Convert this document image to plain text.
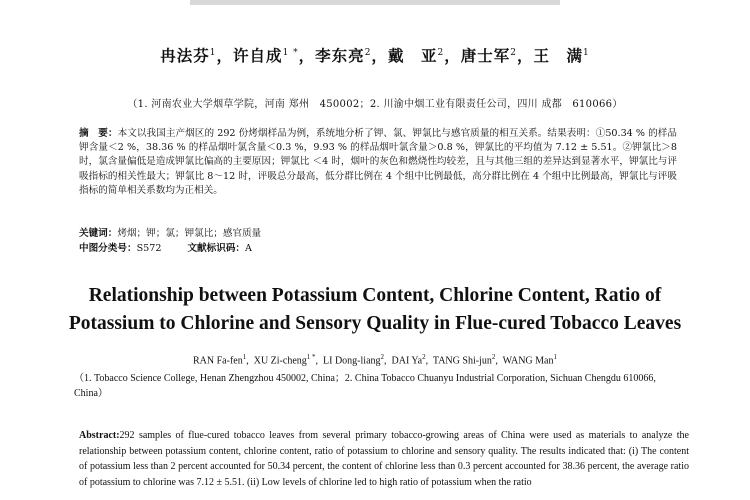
冉法芬$^1$，许自成$^{1 *}$，李东亮$^2$，戴　亚$^2$，唐士军$^2$，王　满$^1$
（1. 河南农业大学烟草学院，河南 郑州　450002；2. 川渝中烟工业有限责任公司，四川 成都　610066）
摘　要：本文以我国主产烟区的 292 份烤烟样品为例，系统地分析了钾、氯、钾氯比与感官质量的相互关系。结果表明：①50.34 % 的样品钾含量＜2 %，38.36 % 的样品烟叶氯含量＜0.3 %，9.93 % 的样品烟叶氯含量＞0.8 %，钾氯比的平均值为 7.12 ± 5.51。②钾氯比＞8 时，氯含量偏低是造成钾氯比偏高的主要原因；钾氯比 ＜4 时，烟叶的灰色和燃烧性均较差，且与其他三组的差异达到显著水平，钾氯比与评吸指标的相关性最大；钾氯比 8～12 时，评吸总分最高，低分群比例在 4 个组中比例最低，高分群比例在 4 个组中比例最高，钾氯比与评吸指标的简单相关系数均为正相关。
关键词：烤烟；钾；氯；钾氯比；感官质量
中图分类号：S572	文献标识码：A
Relationship between Potassium Content, Chlorine Content, Ratio of
Potassium to Chlorine and Sensory Quality in Flue-cured Tobacco Leaves
RAN Fa-fen$^1$,  XU Zi-cheng$^{1 *}$,  LI Dong-liang$^2$,  DAI Ya$^2$,  TANG Shi-jun$^2$,  WANG Man$^1$
（1. Tobacco Science College, Henan Zhengzhou 450002, China；2. China Tobacco Chuanyu Industrial Corporation, Sichuan Chengdu 610066, China）
Abstract:292 samples of flue-cured tobacco leaves from several primary tobacco-growing areas of China were used as materials to analyze the relationship between potassium content, chlorine content, ratio of potassium to chlorine and sensory quality. The results indicated that: (i) The content of potassium less than 2 percent accounted for 50.34 percent, the content of chlorine less than 0.3 percent accounted for 38.36 percent, the average ratio of potassium to chlorine was 7.12 ± 5.51. (ii) Low levels of chlorine led to high ratio of potassium when the ratio
